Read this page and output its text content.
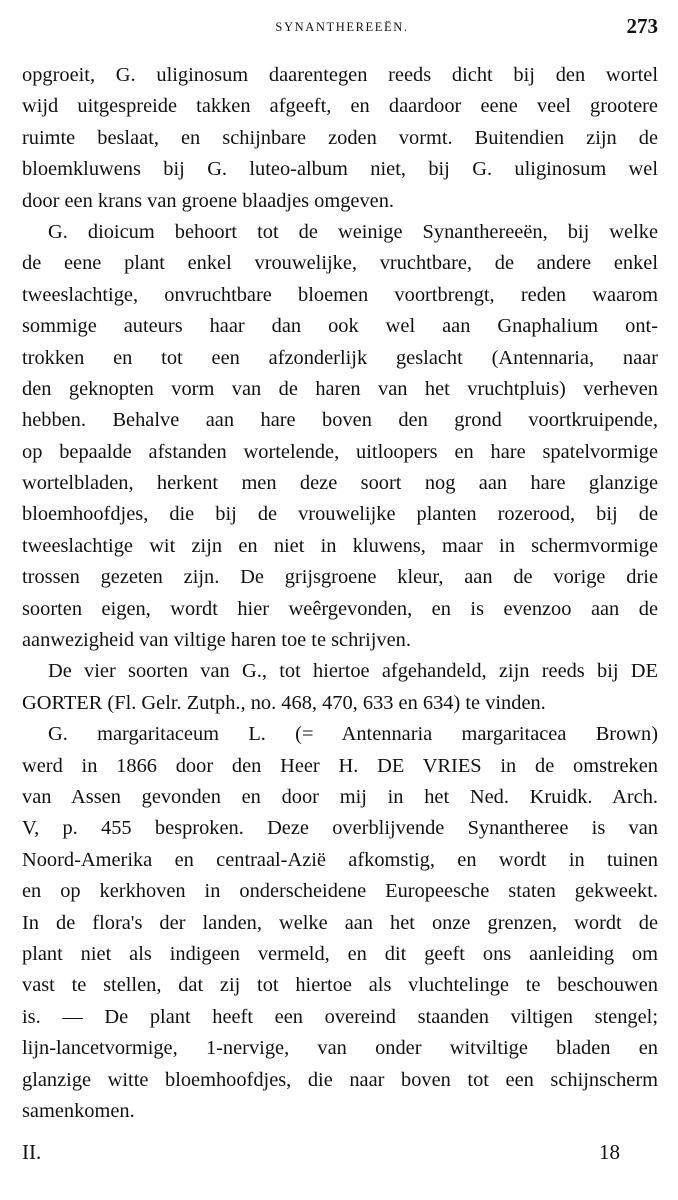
SYNANTHEREEËN.	273
opgroeit, G. uliginosum daarentegen reeds dicht bij den wortel
wijd uitgespreide takken afgeeft, en daardoor eene veel grootere
ruimte beslaat, en schijnbare zoden vormt. Buitendien zijn de
bloemkluwens bij G. luteo-album niet, bij G. uliginosum wel
door een krans van groene blaadjes omgeven.
G. dioicum behoort tot de weinige Synanthereeën, bij welke
de eene plant enkel vrouwelijke, vruchtbare, de andere enkel
tweeslachtige, onvruchtbare bloemen voortbrengt, reden waarom
sommige auteurs haar dan ook wel aan Gnaphalium ont-
trokken en tot een afzonderlijk geslacht (Antennaria, naar
den geknopten vorm van de haren van het vruchtpluis) verheven
hebben. Behalve aan hare boven den grond voortkruipende,
op bepaalde afstanden wortelende, uitloopers en hare spatelvormige
wortelbladen, herkent men deze soort nog aan hare glanzige
bloemhoofdjes, die bij de vrouwelijke planten rozerood, bij de
tweeslachtige wit zijn en niet in kluwens, maar in schermvormige
trossen gezeten zijn. De grijsgroene kleur, aan de vorige drie
soorten eigen, wordt hier weêrgevonden, en is evenzoo aan de
aanwezigheid van viltige haren toe te schrijven.
De vier soorten van G., tot hiertoe afgehandeld, zijn reeds bij DE
GORTER (Fl. Gelr. Zutph., no. 468, 470, 633 en 634) te vinden.
G. margaritaceum L. (= Antennaria margaritacea Brown)
werd in 1866 door den Heer H. DE VRIES in de omstreken
van Assen gevonden en door mij in het Ned. Kruidk. Arch.
V, p. 455 besproken. Deze overblijvende Synantheree is van
Noord-Amerika en centraal-Azië afkomstig, en wordt in tuinen
en op kerkhoven in onderscheidene Europeesche staten gekweekt.
In de flora's der landen, welke aan het onze grenzen, wordt de
plant niet als indigeen vermeld, en dit geeft ons aanleiding om
vast te stellen, dat zij tot hiertoe als vluchtelinge te beschouwen
is. — De plant heeft een overeind staanden viltigen stengel;
lijn-lancetvormige, 1-nervige, van onder witviltige bladen en
glanzige witte bloemhoofdjes, die naar boven tot een schijnscherm
samenkomen.
II.	18
